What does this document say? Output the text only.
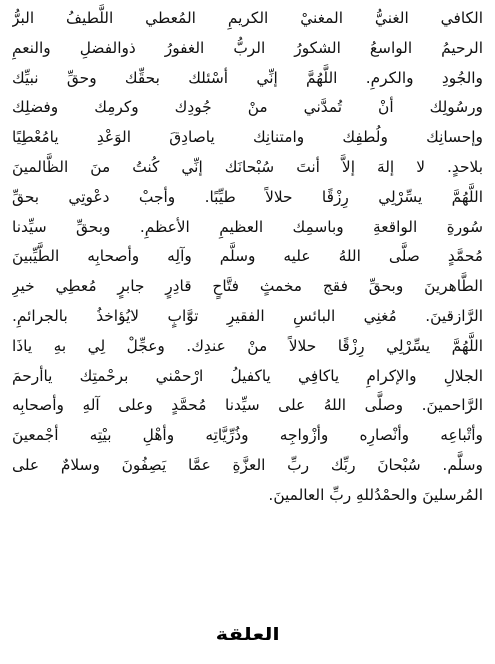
الكافي الغنيُّ المغنيْ الكريمِ المُعطي اللَّطيفُ البرُّ
الرحيمُ الواسعُ الشكورُ الربُّ الغفورُ ذوالفضلِ والنعمِ
والجُودِ والكرمِ. اللَّهُمَّ إنِّي أسْئلك بحقِّك وحقِّ نبيِّك
ورسُولِك أنْ تُمدَّني منْ جُودِك وكرمِك وفضلِك
وإحسانِك ولُطفِك وامتنانِك ياصادِقَ الوَعْدِ يامُعْطِيًا
بلاحدٍ. لا إلهَ إلاَّ أنتَ سُبْحانَك إنِّي كُنتُ منَ الظَّالمينَ
اللَّهُمَّ يسِّرْلِي رِزْقًا حلالاً طيِّبًا. وأجبْ دعْوتِي بحقِّ
سُورةِ الواقعةِ وباسمِك العظيمِ الأعظمِ. وبحقِّ سيِّدنا
مُحمَّدٍ صلَّى اللهُ عليه وسلَّم وآلِه وأصحابِه الطَّيِّبينَ
الطَّاهرينَ وبحقِّ فقج مخمثٍ فتَّاحٍ قادِرٍ جابرٍ مُعطِي خيرِ
الرَّازقينَ. مُغنِي البائسِ الفقيرِ توَّابٍ لايُؤاخذُ بالجرائمِ.
اللَّهُمَّ يسِّرْلِي رِزْقًا حلالاً منْ عندِك. وعجِّلْ لِي بهِ ياذَا
الجلالِ والإكرامِ ياكافِي ياكفيلُ ارْحمْني برحْمتِك ياأرحمَ
الرَّاحمينَ. وصلَّى اللهُ على سيِّدنا مُحمَّدٍ وعلى آلهِ وأصحابِه
وأتْباعِه وأنْصارِه وأزْواجِه وذُرِّيَّاتِه وأهْلِ بيْتِه أجْمعينَ
وسلَّم. سُبْحانَ ربِّك ربِّ العزَّةِ عمَّا يَصِفُونَ وسلامٌ على
المُرسلينَ والحمْدُللهِ ربِّ العالمينَ.
العلقة
